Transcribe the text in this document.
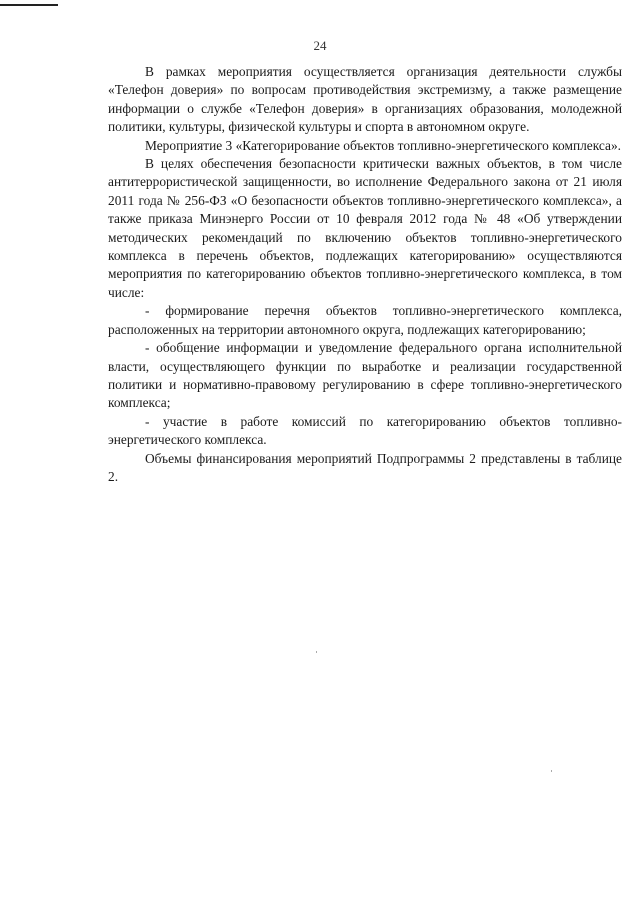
24

В рамках мероприятия осуществляется организация деятельности службы «Телефон доверия» по вопросам противодействия экстремизму, а также размещение информации о службе «Телефон доверия» в организациях образования, молодежной политики, культуры, физической культуры и спорта в автономном округе.

Мероприятие 3 «Категорирование объектов топливно-энергетического комплекса».

В целях обеспечения безопасности критически важных объектов, в том числе антитеррористической защищенности, во исполнение Федерального закона от 21 июля 2011 года № 256-ФЗ «О безопасности объектов топливно-энергетического комплекса», а также приказа Минэнерго России от 10 февраля 2012 года № 48 «Об утверждении методических рекомендаций по включению объектов топливно-энергетического комплекса в перечень объектов, подлежащих категорированию» осуществляются мероприятия по категорированию объектов топливно-энергетического комплекса, в том числе:

- формирование перечня объектов топливно-энергетического комплекса, расположенных на территории автономного округа, подлежащих категорированию;

- обобщение информации и уведомление федерального органа исполнительной власти, осуществляющего функции по выработке и реализации государственной политики и нормативно-правовому регулированию в сфере топливно-энергетического комплекса;

- участие в работе комиссий по категорированию объектов топливно-энергетического комплекса.

Объемы финансирования мероприятий Подпрограммы 2 представлены в таблице 2.
